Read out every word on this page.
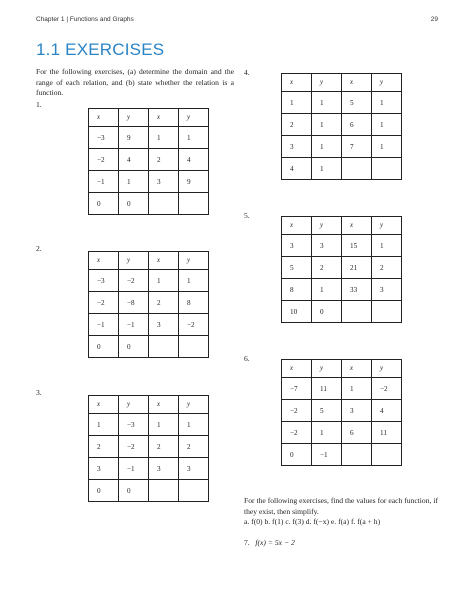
Chapter 1 | Functions and Graphs	29
1.1 EXERCISES
For the following exercises, (a) determine the domain and the range of each relation, and (b) state whether the relation is a function.
1.
2.
3.
4.
5.
6.
x	y	x	y
−3	9	1	1
−2	4	2	4
−1	1	3	9
0	0		
x	y	x	y
−3	−2	1	1
−2	−8	2	8
−1	−1	3	−2
0	0		
x	y	x	y
1	−3	1	1
2	−2	2	2
3	−1	3	3
0	0		
x	y	x	y
1	1	5	1
2	1	6	1
3	1	7	1
4	1		
x	y	x	y
3	3	15	1
5	2	21	2
8	1	33	3
10	0		
x	y	x	y
−7	11	1	−2
−2	5	3	4
−2	1	6	11
0	−1		
For the following exercises, find the values for each function, if they exist, then simplify.
a. f(0) b. f(1) c. f(3) d. f(−x) e. f(a) f. f(a + h)
7. f(x) = 5x − 2
